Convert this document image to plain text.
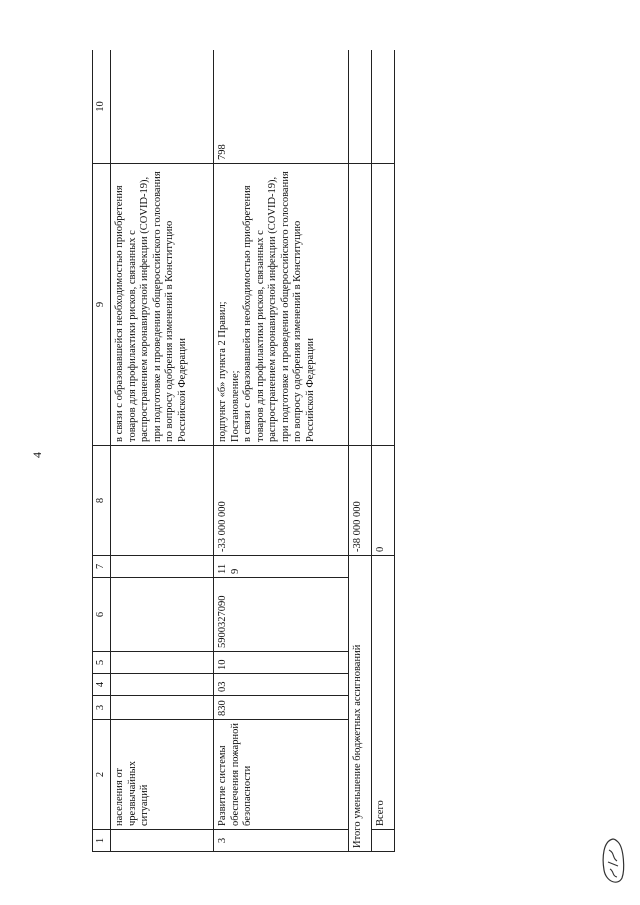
4
1	2	3	4	5	6	7	8	9	10
	населения от чрезвычайных ситуаций							в связи с образовавшейся необходимостью приобретения товаров для профилактики рисков, связанных с распространением коронавирусной инфекции (COVID-19), при подготовке и проведении общероссийского голосования по вопросу одобрения изменений в Конституцию Российской Федерации	
3	Развитие системы обеспечения пожарной безопасности	830	03	10	5900327090	119	-33 000 000	подпункт «б» пункта 2 Правил; Постановление; в связи с образовавшейся необходимостью приобретения товаров для профилактики рисков, связанных с распространением коронавирусной инфекции (COVID-19), при подготовке и проведении общероссийского голосования по вопросу одобрения изменений в Конституцию Российской Федерации	798
Итого уменьшение бюджетных ассигнований							-38 000 000		
	Всего						0		
